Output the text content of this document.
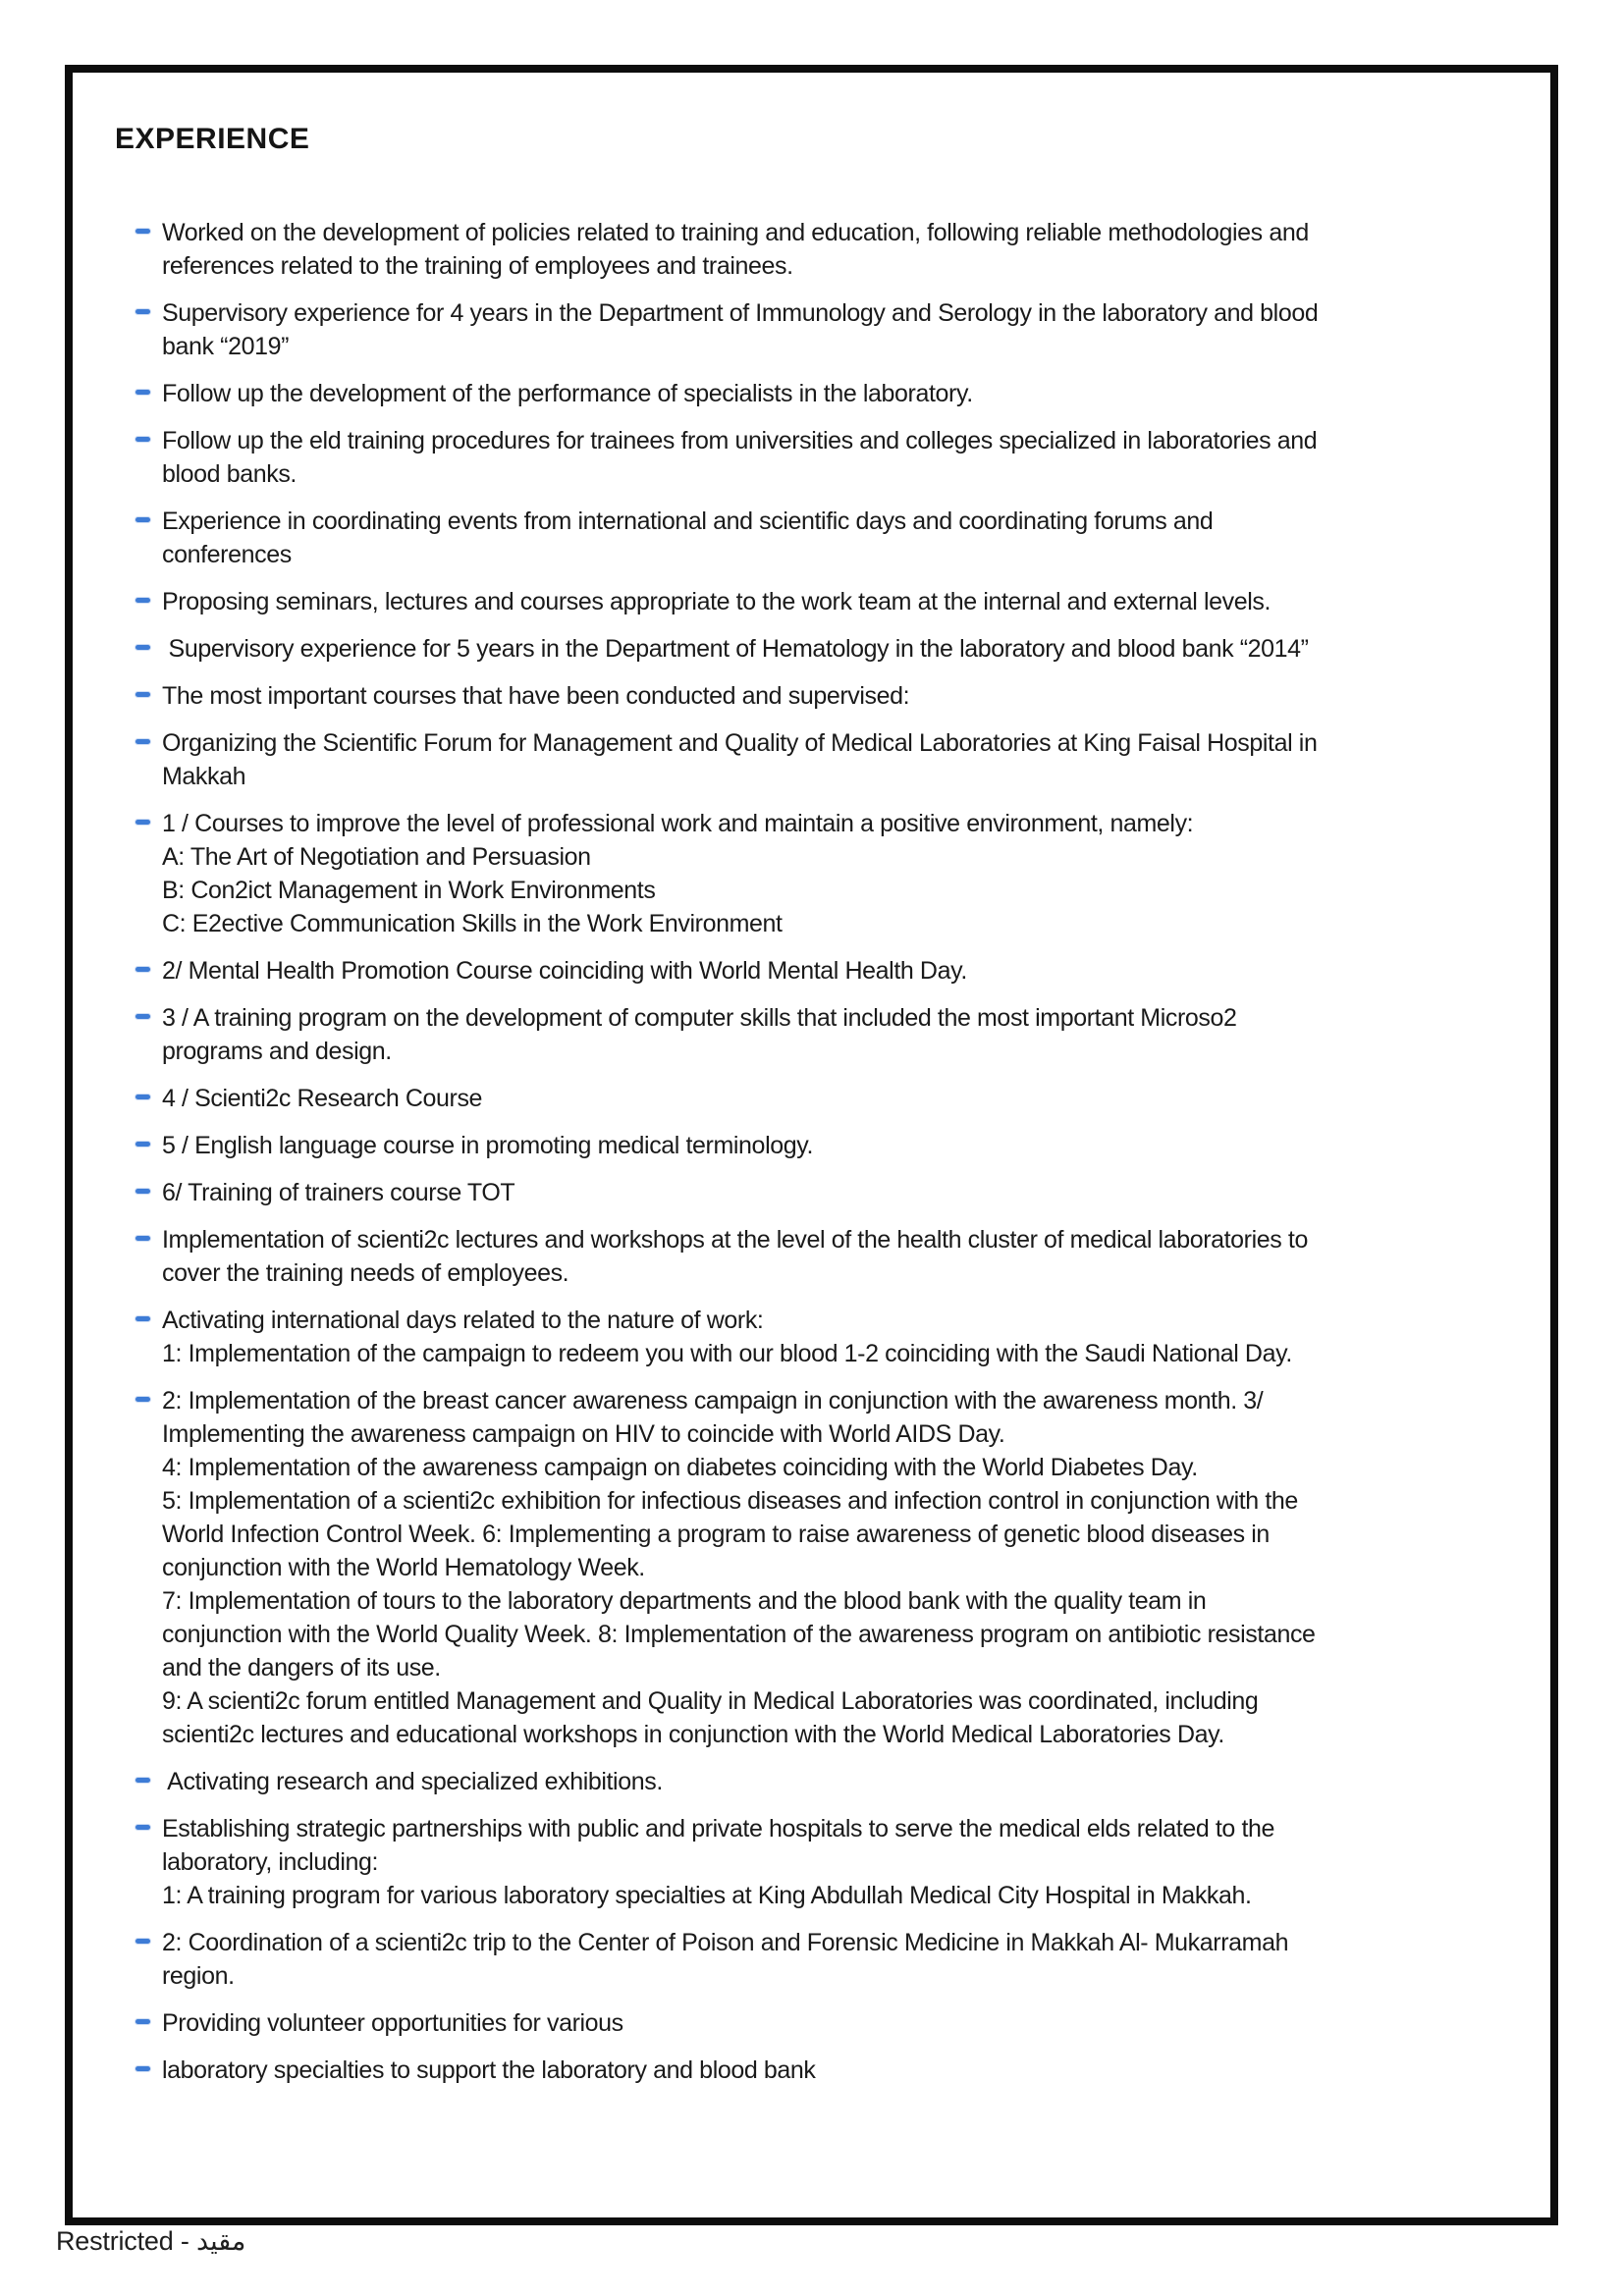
EXPERIENCE
Worked on the development of policies related to training and education, following reliable methodologies and
references related to the training of employees and trainees.
Supervisory experience for 4 years in the Department of Immunology and Serology in the laboratory and blood
bank “2019”
Follow up the development of the performance of specialists in the laboratory.
Follow up the eld training procedures for trainees from universities and colleges specialized in laboratories and
blood banks.
Experience in coordinating events from international and scientific days and coordinating forums and
conferences
Proposing seminars, lectures and courses appropriate to the work team at the internal and external levels.
Supervisory experience for 5 years in the Department of Hematology in the laboratory and blood bank “2014”
The most important courses that have been conducted and supervised:
Organizing the Scientific Forum for Management and Quality of Medical Laboratories at King Faisal Hospital in
Makkah
1 / Courses to improve the level of professional work and maintain a positive environment, namely:
A: The Art of Negotiation and Persuasion
B: Con2ict Management in Work Environments
C: E2ective Communication Skills in the Work Environment
2/ Mental Health Promotion Course coinciding with World Mental Health Day.
3 / A training program on the development of computer skills that included the most important Microso2
programs and design.
4 / Scienti2c Research Course
5 / English language course in promoting medical terminology.
6/ Training of trainers course TOT
Implementation of scienti2c lectures and workshops at the level of the health cluster of medical laboratories to
cover the training needs of employees.
Activating international days related to the nature of work:
1: Implementation of the campaign to redeem you with our blood 1-2 coinciding with the Saudi National Day.
2: Implementation of the breast cancer awareness campaign in conjunction with the awareness month. 3/
Implementing the awareness campaign on HIV to coincide with World AIDS Day.
4: Implementation of the awareness campaign on diabetes coinciding with the World Diabetes Day.
5: Implementation of a scienti2c exhibition for infectious diseases and infection control in conjunction with the
World Infection Control Week. 6: Implementing a program to raise awareness of genetic blood diseases in
conjunction with the World Hematology Week.
7: Implementation of tours to the laboratory departments and the blood bank with the quality team in
conjunction with the World Quality Week. 8: Implementation of the awareness program on antibiotic resistance
and the dangers of its use.
9: A scienti2c forum entitled Management and Quality in Medical Laboratories was coordinated, including
scienti2c lectures and educational workshops in conjunction with the World Medical Laboratories Day.
Activating research and specialized exhibitions.
Establishing strategic partnerships with public and private hospitals to serve the medical elds related to the
laboratory, including:
1: A training program for various laboratory specialties at King Abdullah Medical City Hospital in Makkah.
2: Coordination of a scienti2c trip to the Center of Poison and Forensic Medicine in Makkah Al- Mukarramah
region.
Providing volunteer opportunities for various
laboratory specialties to support the laboratory and blood bank
Restricted - مقيد
